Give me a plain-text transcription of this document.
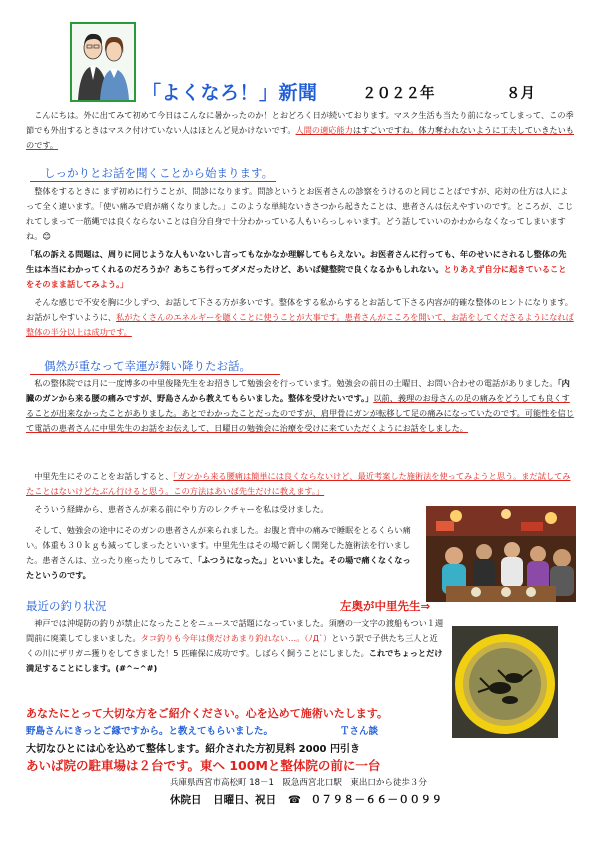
「よくなろ！」新聞	２０２２年	８月
こんにちは。外に出てみて初めて今日はこんなに暑かったのか！とおどろく日が続いております。マスク生活も当たり前になってしまって、この季節でも外出するときはマスク付けていない人はほとんど見かけないです。人間の適応能力はすごいですね。体力奪われないように工夫していきたいものです。
しっかりとお話を聞くことから始まります。
整体をするときに まず初めに行うことが、問診になります。問診というとお医者さんの診察をうけるのと同じことばですが、応対の仕方は人によって全く違います。「使い痛みで肩が痛くなりました。」このような単純ないきさつから起きたことは、患者さんは伝えやすいのです。ところが、こじれてしまって一筋縄では良くならないことは自分自身で十分わかっている人もいらっしゃいます。どう話していいのかわからなくなってしまいますね。😊
「私の訴える問題は、周りに同じような人もいないし言ってもなかなか理解してもらえない。お医者さんに行っても、年のせいにされるし整体の先生は本当にわかってくれるのだろうか？あちこち行ってダメだったけど、あいば健整院で良くなるかもしれない。とりあえず自分に起きていることをそのまま話してみよう。」
そんな感じで不安を胸に少しずつ、お話して下さる方が多いです。整体をする私からするとお話して下さる内容が的確な整体のヒントになります。お話がしやすいように、私がたくさんのエネルギーを聴くことに使うことが大事です。患者さんがこころを開いて、お話をしてくださるようになれば整体の半分以上は成功です。
偶然が重なって幸運が舞い降りたお話。
私の整体院では月に一度博多の中里俊隆先生をお招きして勉強会を行っています。勉強会の前日の土曜日、お問い合わせの電話がありました。「内臓のガンから来る腰の痛みですが、野島さんから教えてもらいました。整体を受けたいです。」以前、義理のお母さんの足の痛みをどうしても良くすることが出来なかったことがありました。あとでわかったことだったのですが、肩甲骨にガンが転移して足の痛みになっていたのです。可能性を信じて電話の患者さんに中里先生のお話をお伝えして、日曜日の勉強会に治療を受けに来ていただくようにお話をしました。
中里先生にそのことをお話しすると、「ガンから来る腰痛は簡単には良くならないけど、最近考案した施術法を使ってみようと思う。まだ試してみたことはないけどたぶん行けると思う。この方法はあいば先生だけに教えます。」
そういう経緯から、患者さんが来る前にやり方のレクチャーを私は受けました。
そして、勉強会の途中にそのガンの患者さんが来られました。お腹と背中の痛みで睡眠をとるくらい痛い。体重も３０ｋｇも減ってしまったといいます。中里先生はその場で新しく開発した施術法を行いました。患者さんは、立ったり座ったりしてみて、「ふつうになった。」といいました。その場で痛くなくなったというのです。
最近の釣り状況	左奥が中里先生⇒
神戸では沖堤防の釣りが禁止になったことをニュースで話題になっていました。須磨の一文字の渡船もつい１週間前に廃業してしまいました。タコ釣りも今年は僕だけあまり釣れない…。（ﾉД`）という訳で子供たち三人と近くの川にザリガニ獲りをしてきました！5 匹確保に成功です。しばらく飼うことにしました。これでちょっとだけ満足することにします。(#^~^#)
あなたにとって大切な方をご紹介ください。心を込めて施術いたします。
野島さんにきっとご縁ですから。と教えてもらいました。	Ｔさん談
大切なひとには心を込めて整体します。紹介された方初見料 2000 円引き
あいば院の駐車場は２台です。東へ 100Mと整体院の前に一台
兵庫県西宮市高松町 18－1　阪急西宮北口駅　東出口から徒歩３分
休院日 日曜日、祝日 ☎ ０７９８－６６－００９９
